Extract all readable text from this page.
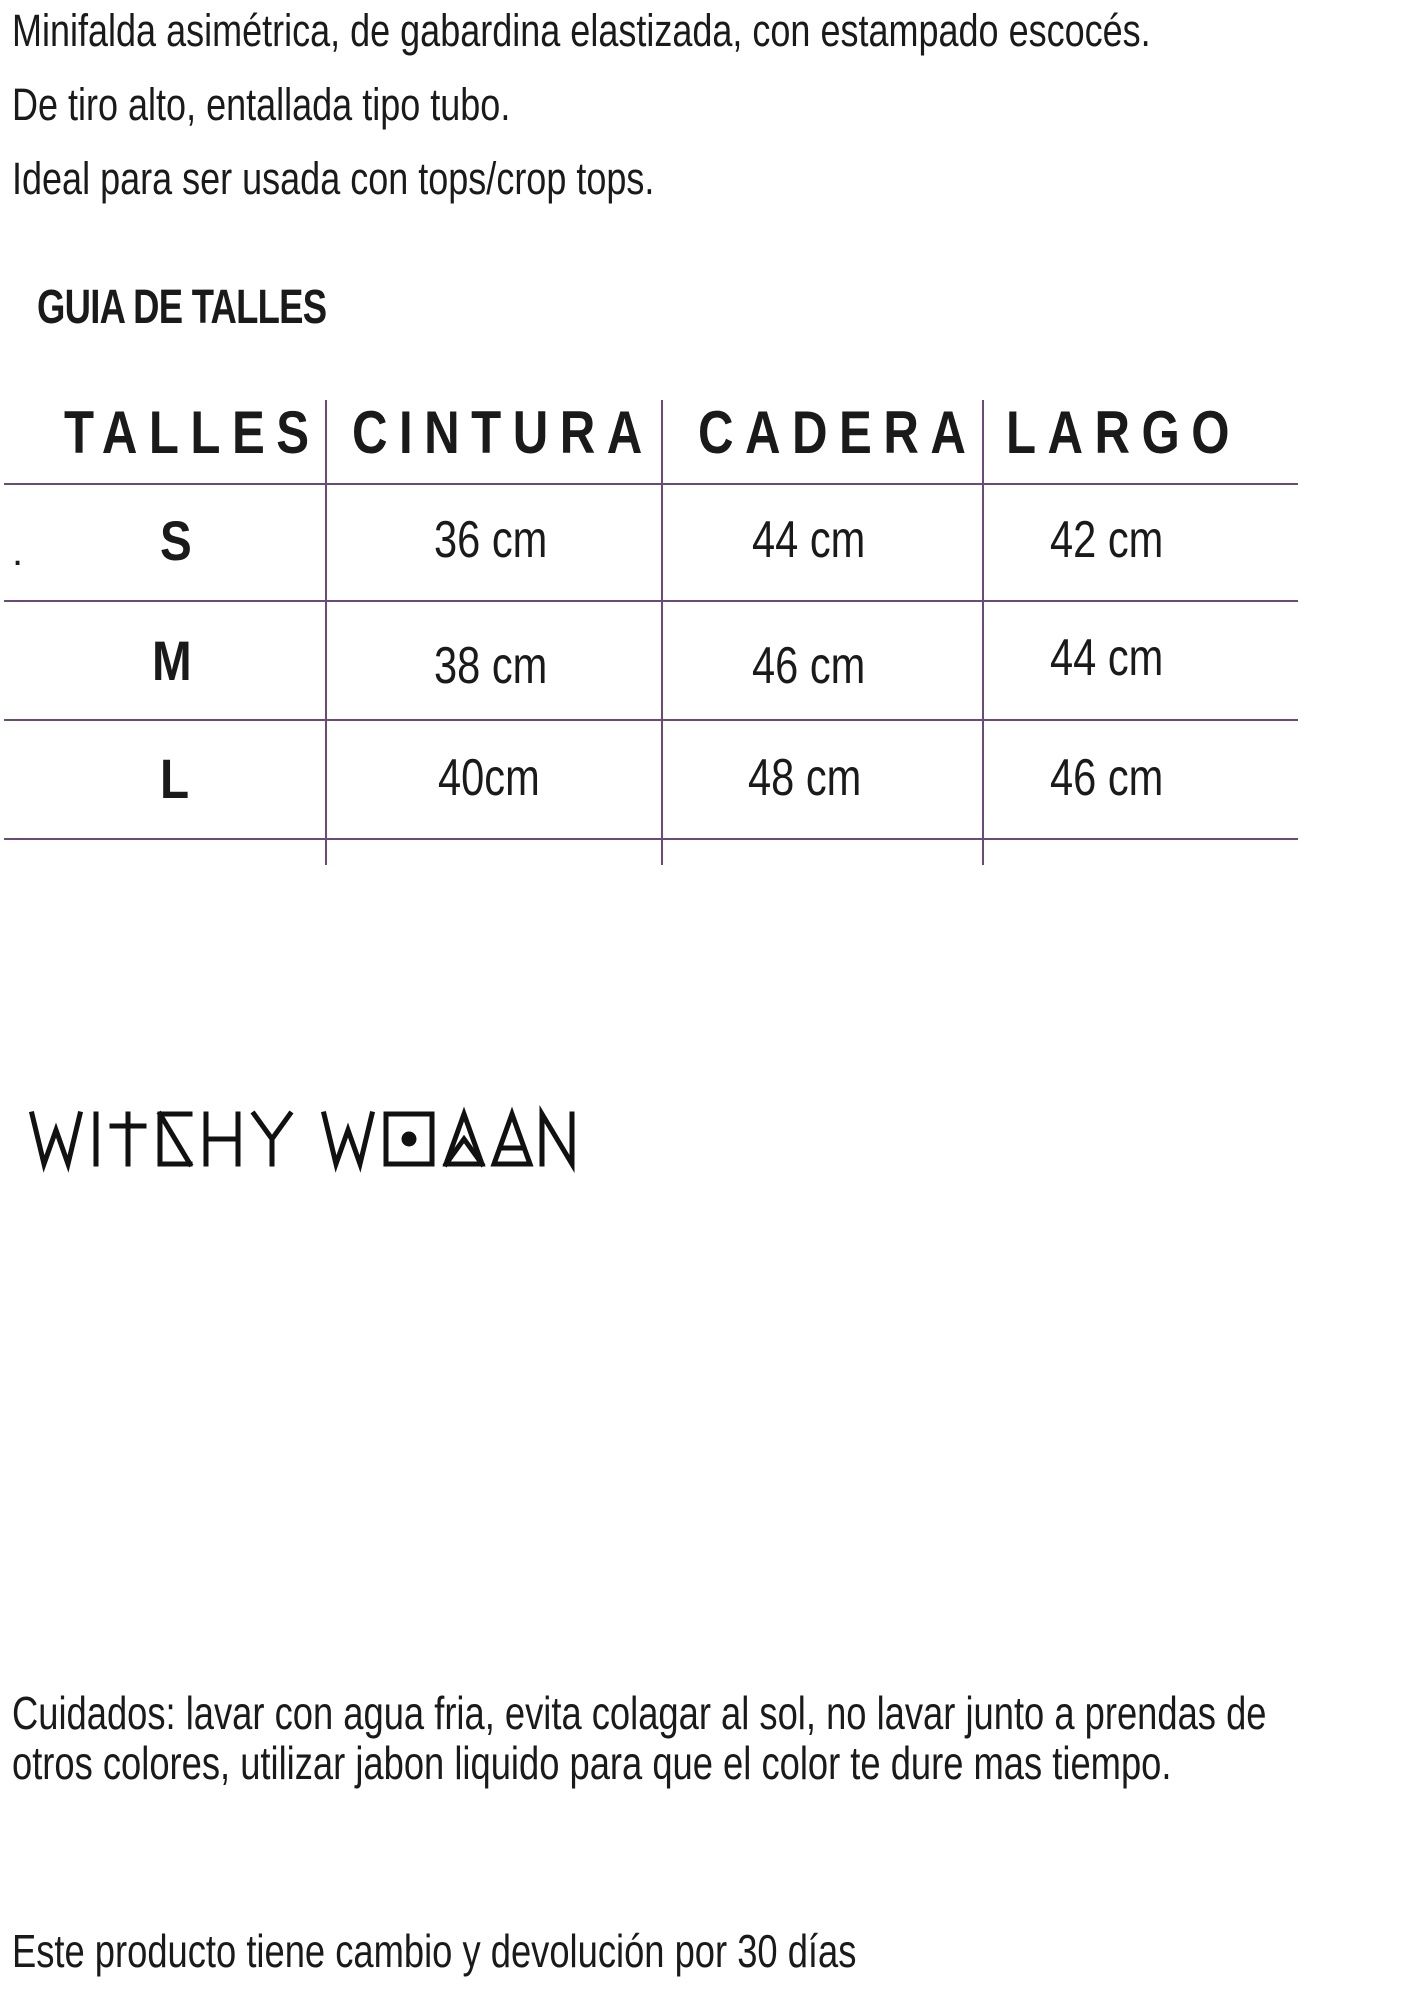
Minifalda asimétrica, de gabardina elastizada, con estampado escocés.

De tiro alto, entallada tipo tubo.

Ideal para ser usada con tops/crop tops.

GUIA DE TALLES
TALLES CINTURA CADERA LARGO
. S	36 cm	44 cm	42 cm
M	38 cm	46 cm	44 cm
L	40cm	48 cm	46 cm

Cuidados: lavar con agua fria, evita colagar al sol, no lavar junto a prendas de otros colores, utilizar jabon liquido para que el color te dure mas tiempo.

Este producto tiene cambio y devolución por 30 días
